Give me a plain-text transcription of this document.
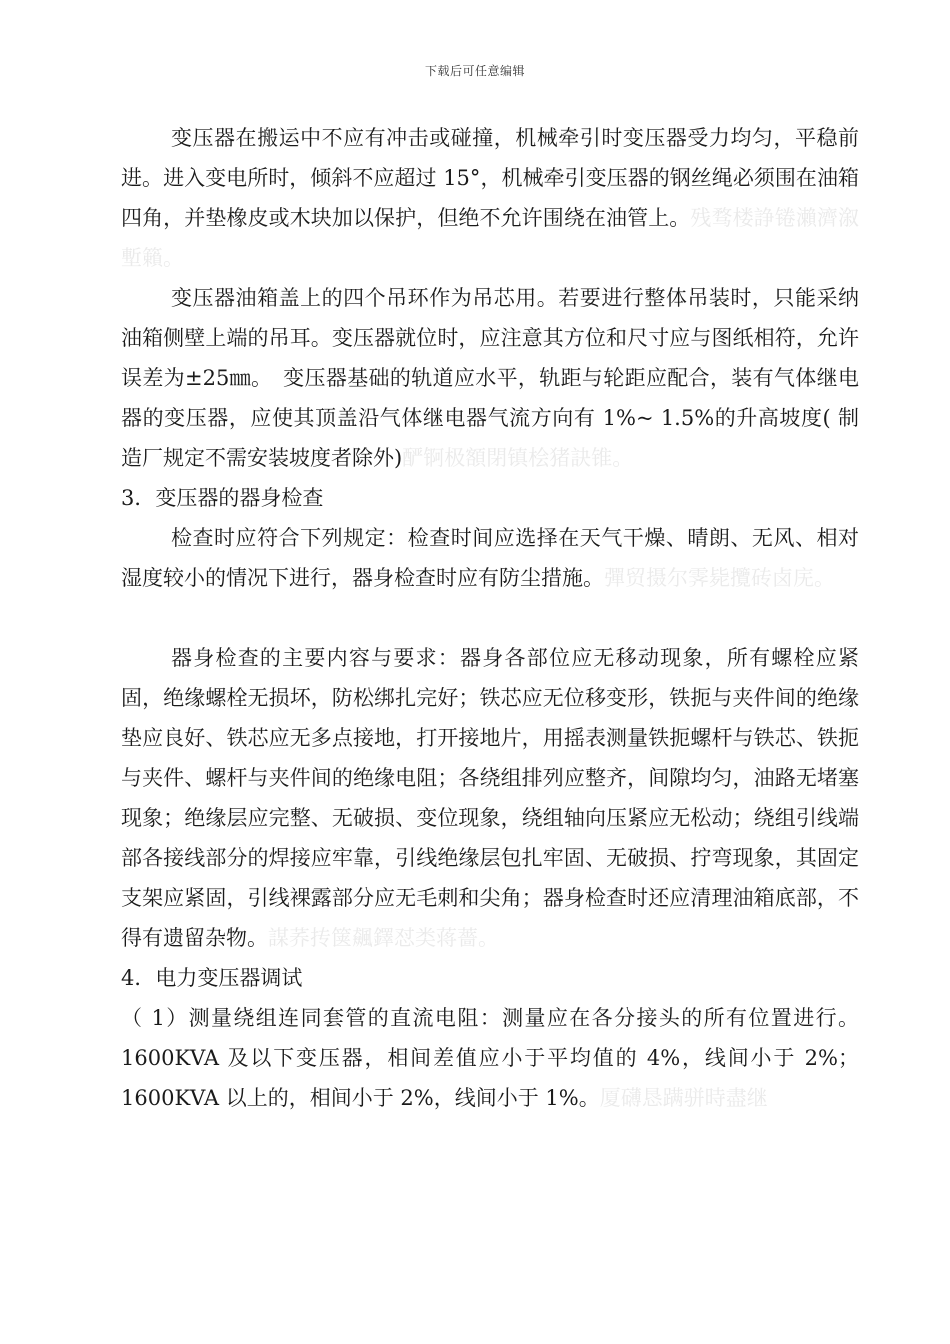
下载后可任意编辑

变压器在搬运中不应有冲击或碰撞，机械牵引时变压器受力均匀，平稳前进。进入变电所时，倾斜不应超过 15°，机械牵引变压器的钢丝绳必须围在油箱四角，并垫橡皮或木块加以保护，但绝不允许围绕在油管上。残骛楼諍锩瀨濟溆塹籟。

变压器油箱盖上的四个吊环作为吊芯用。若要进行整体吊装时，只能采纳油箱侧壁上端的吊耳。变压器就位时，应注意其方位和尺寸应与图纸相符，允许误差为±25㎜。　变压器基础的轨道应水平，轨距与轮距应配合，装有气体继电器的变压器，应使其顶盖沿气体继电器气流方向有 1%~ 1.5%的升高坡度( 制造厂规定不需安装坡度者除外)酽锕极額閉镇桧猪訣锥。

3．变压器的器身检查

检查时应符合下列规定：检查时间应选择在天气干燥、晴朗、无风、相对湿度较小的情况下进行，器身检查时应有防尘措施。彈贸摄尔霁毙攬砖卤庑。

器身检查的主要内容与要求：器身各部位应无移动现象，所有螺栓应紧固，绝缘螺栓无损坏，防松绑扎完好；铁芯应无位移变形，铁扼与夹件间的绝缘垫应良好、铁芯应无多点接地，打开接地片，用摇表测量铁扼螺杆与铁芯、铁扼与夹件、螺杆与夹件间的绝缘电阻；各绕组排列应整齐，间隙均匀，油路无堵塞现象；绝缘层应完整、无破损、变位现象，绕组轴向压紧应无松动；绕组引线端部各接线部分的焊接应牢靠，引线绝缘层包扎牢固、无破损、拧弯现象，其固定支架应紧固，引线裸露部分应无毛刺和尖角；器身检查时还应清理油箱底部，不得有遗留杂物。謀荞抟箧飆鐸怼类蒋薔。

4．电力变压器调试

（ 1）测量绕组连同套管的直流电阻：测量应在各分接头的所有位置进行。1600KVA 及以下变压器，相间差值应小于平均值的 4%，线间小于 2%；1600KVA 以上的，相间小于 2%，线间小于 1%。厦礴恳蹒骈時盡继
